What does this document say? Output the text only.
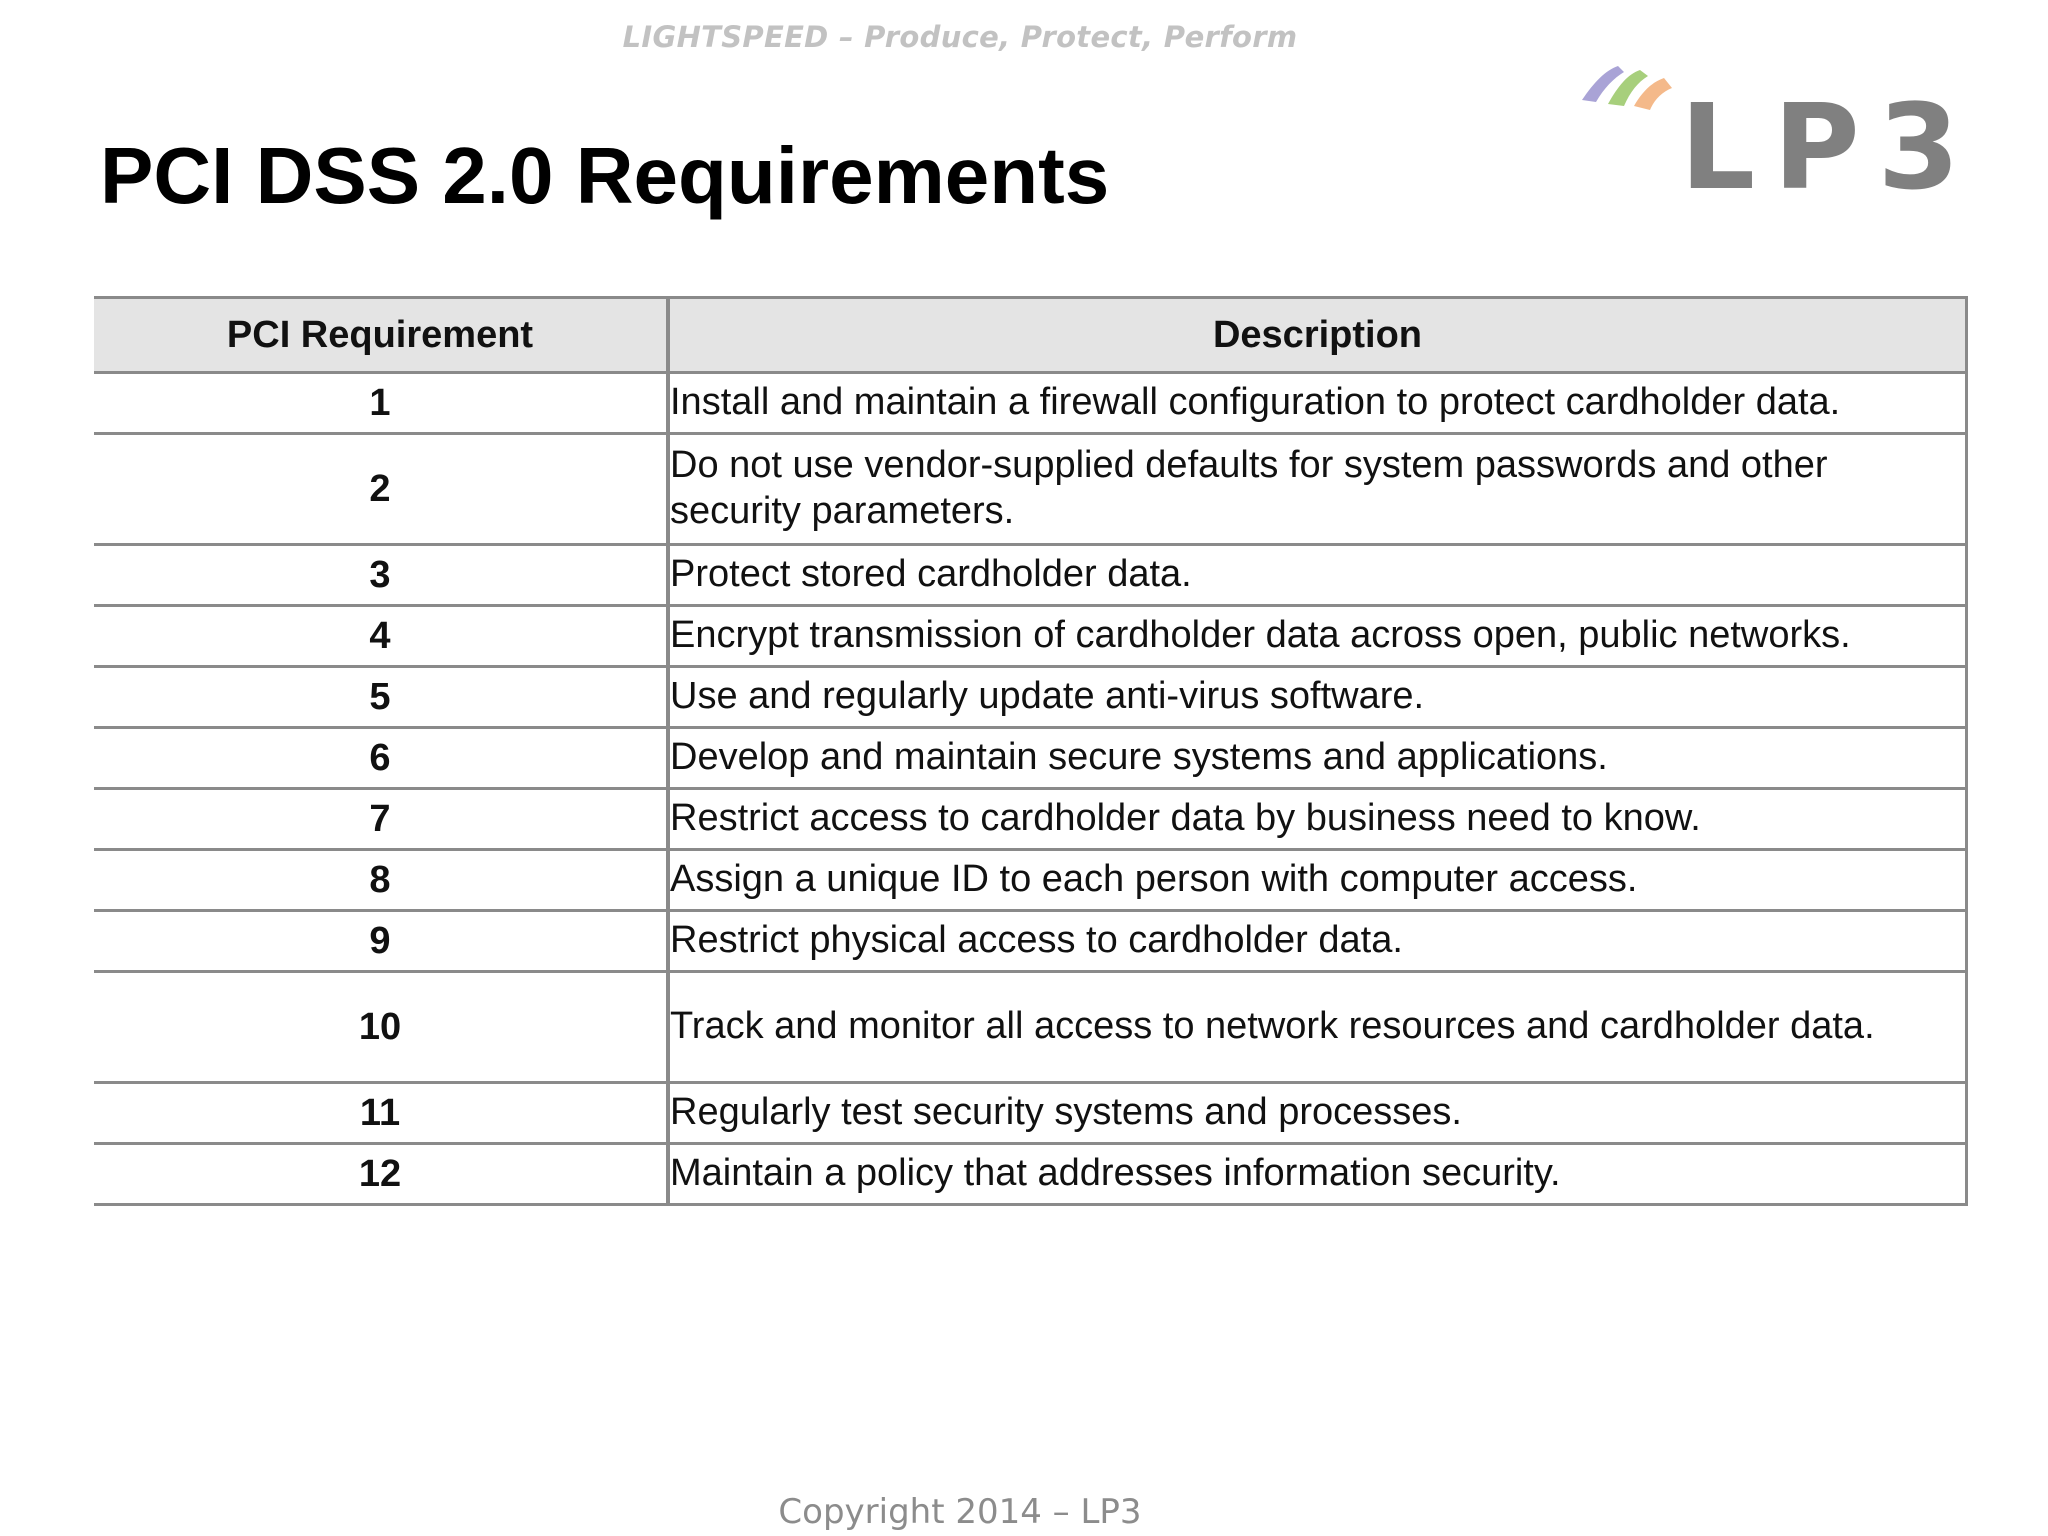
LIGHTSPEED – Produce, Protect, Perform
PCI DSS 2.0 Requirements	LP3
PCI Requirement	Description
1	Install and maintain a firewall configuration to protect cardholder data.
2	Do not use vendor-supplied defaults for system passwords and other security parameters.
3	Protect stored cardholder data.
4	Encrypt transmission of cardholder data across open, public networks.
5	Use and regularly update anti-virus software.
6	Develop and maintain secure systems and applications.
7	Restrict access to cardholder data by business need to know.
8	Assign a unique ID to each person with computer access.
9	Restrict physical access to cardholder data.
10	Track and monitor all access to network resources and cardholder data.
11	Regularly test security systems and processes.
12	Maintain a policy that addresses information security.
Copyright 2014 – LP3
